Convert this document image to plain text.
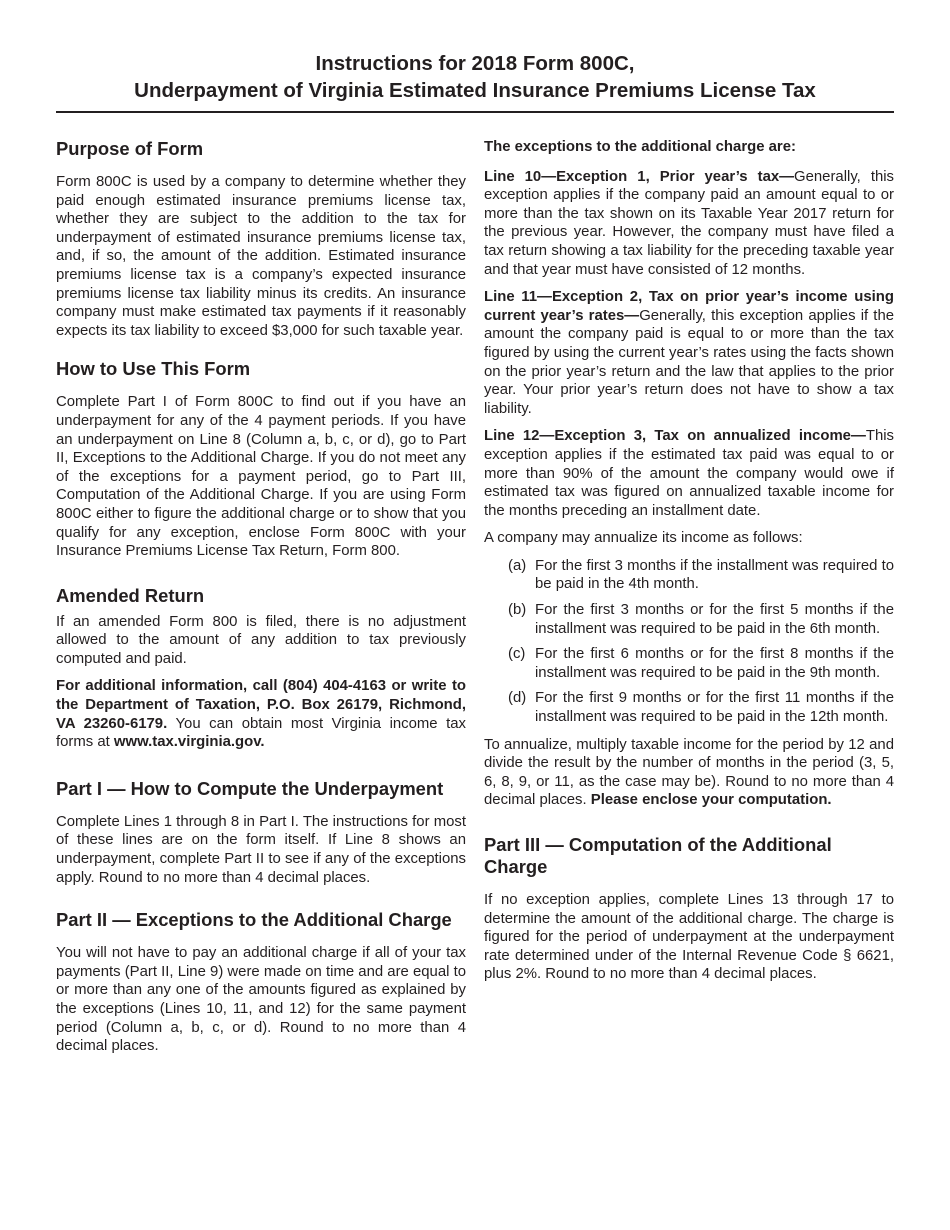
Instructions for 2018 Form 800C,
Underpayment of Virginia Estimated Insurance Premiums License Tax
Purpose of Form

Form 800C is used by a company to determine whether they paid enough estimated insurance premiums license tax, whether they are subject to the addition to the tax for underpayment of estimated insurance premiums license tax, and, if so, the amount of the addition. Estimated insurance premiums license tax is a company’s expected insurance premiums license tax liability minus its credits. An insurance company must make estimated tax payments if it reasonably expects its tax liability to exceed $3,000 for such taxable year.

How to Use This Form

Complete Part I of Form 800C to find out if you have an underpayment for any of the 4 payment periods. If you have an underpayment on Line 8 (Column a, b, c, or d), go to Part II, Exceptions to the Additional Charge. If you do not meet any of the exceptions for a payment period, go to Part III, Computation of the Additional Charge. If you are using Form 800C either to figure the additional charge or to show that you qualify for any exception, enclose Form 800C with your Insurance Premiums License Tax Return, Form 800.

Amended Return

If an amended Form 800 is filed, there is no adjustment allowed to the amount of any addition to tax previously computed and paid.

For additional information, call (804) 404-4163 or write to the Department of Taxation, P.O. Box 26179, Richmond, VA 23260-6179. You can obtain most Virginia income tax forms at www.tax.virginia.gov.

Part I — How to Compute the Underpayment

Complete Lines 1 through 8 in Part I. The instructions for most of these lines are on the form itself. If Line 8 shows an underpayment, complete Part II to see if any of the exceptions apply. Round to no more than 4 decimal places.

Part II — Exceptions to the Additional Charge

You will not have to pay an additional charge if all of your tax payments (Part II, Line 9) were made on time and are equal to or more than any one of the amounts figured as explained by the exceptions (Lines 10, 11, and 12) for the same payment period (Column a, b, c, or d). Round to no more than 4 decimal places.

The exceptions to the additional charge are:

Line 10—Exception 1, Prior year’s tax—Generally, this exception applies if the company paid an amount equal to or more than the tax shown on its Taxable Year 2017 return for the previous year. However, the company must have filed a tax return showing a tax liability for the preceding taxable year and that year must have consisted of 12 months.

Line 11—Exception 2, Tax on prior year’s income using current year’s rates—Generally, this exception applies if the amount the company paid is equal to or more than the tax figured by using the current year’s rates using the facts shown on the prior year’s return and the law that applies to the prior year. Your prior year’s return does not have to show a tax liability.

Line 12—Exception 3, Tax on annualized income—This exception applies if the estimated tax paid was equal to or more than 90% of the amount the company would owe if estimated tax was figured on annualized taxable income for the months preceding an installment date.

A company may annualize its income as follows:

(a) For the first 3 months if the installment was required to be paid in the 4th month.
(b) For the first 3 months or for the first 5 months if the installment was required to be paid in the 6th month.
(c) For the first 6 months or for the first 8 months if the installment was required to be paid in the 9th month.
(d) For the first 9 months or for the first 11 months if the installment was required to be paid in the 12th month.

To annualize, multiply taxable income for the period by 12 and divide the result by the number of months in the period (3, 5, 6, 8, 9, or 11, as the case may be). Round to no more than 4 decimal places. Please enclose your computation.

Part III — Computation of the Additional Charge

If no exception applies, complete Lines 13 through 17 to determine the amount of the additional charge. The charge is figured for the period of underpayment at the underpayment rate determined under of the Internal Revenue Code § 6621, plus 2%. Round to no more than 4 decimal places.
